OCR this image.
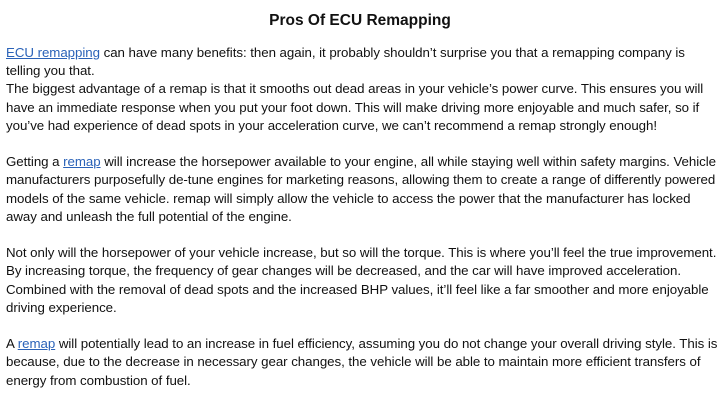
Pros Of ECU Remapping

ECU remapping can have many benefits: then again, it probably shouldn’t surprise you that a remapping company is telling you that.

The biggest advantage of a remap is that it smooths out dead areas in your vehicle’s power curve. This ensures you will have an immediate response when you put your foot down. This will make driving more enjoyable and much safer, so if you’ve had experience of dead spots in your acceleration curve, we can’t recommend a remap strongly enough!

Getting a remap will increase the horsepower available to your engine, all while staying well within safety margins. Vehicle manufacturers purposefully de-tune engines for marketing reasons, allowing them to create a range of differently powered models of the same vehicle. remap will simply allow the vehicle to access the power that the manufacturer has locked away and unleash the full potential of the engine.

Not only will the horsepower of your vehicle increase, but so will the torque. This is where you’ll feel the true improvement. By increasing torque, the frequency of gear changes will be decreased, and the car will have improved acceleration. Combined with the removal of dead spots and the increased BHP values, it’ll feel like a far smoother and more enjoyable driving experience.

A remap will potentially lead to an increase in fuel efficiency, assuming you do not change your overall driving style. This is because, due to the decrease in necessary gear changes, the vehicle will be able to maintain more efficient transfers of energy from combustion of fuel.
